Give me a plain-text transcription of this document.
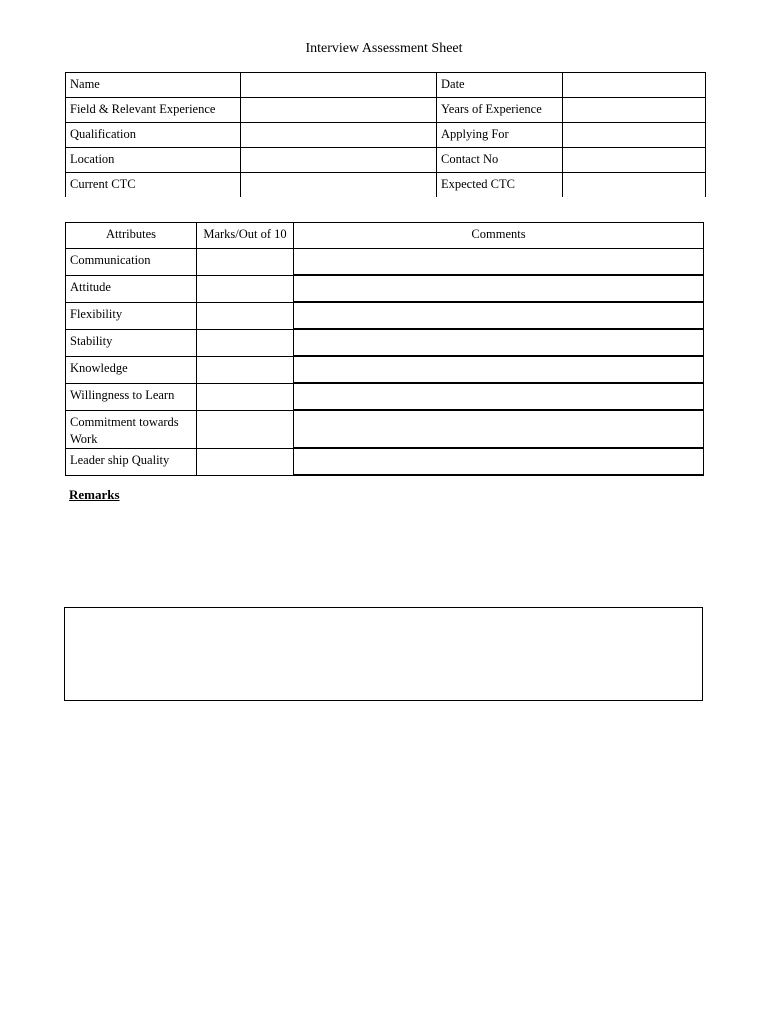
Interview Assessment Sheet
Name		Date	
Field & Relevant Experience		Years of Experience	
Qualification		Applying For	
Location		Contact No	
Current CTC		Expected CTC	
Attributes	Marks/Out of 10	Comments
Communication		
Attitude		
Flexibility		
Stability		
Knowledge		
Willingness to Learn		
Commitment towards Work		
Leader ship Quality		
Remarks
